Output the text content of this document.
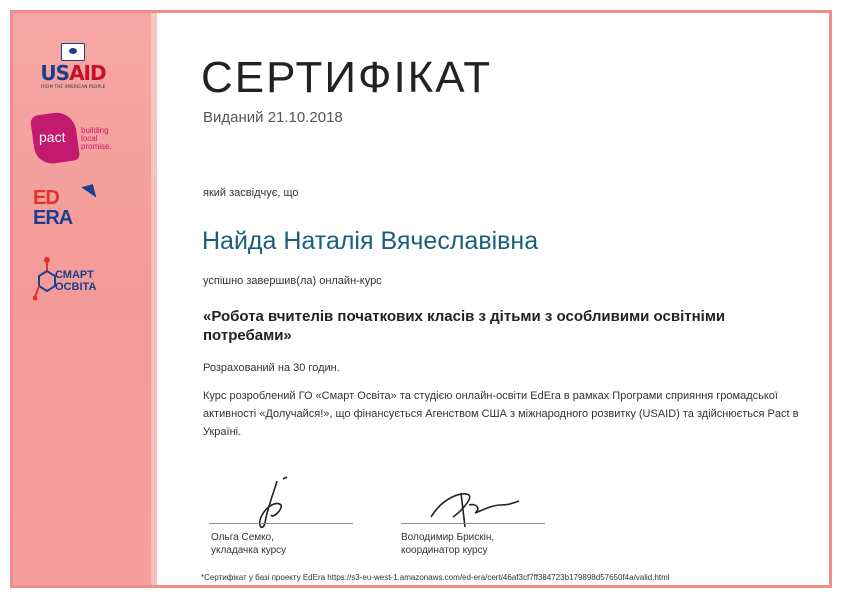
USAID
FROM THE AMERICAN PEOPLE
pact building
local
promise.
ED
ERA
СМАРТ
ОСВІТА
СЕРТИФІКАТ
Виданий 21.10.2018
який засвідчує, що
Найда Наталія Вячеславівна
успішно завершив(ла) онлайн-курс
«Робота вчителів початкових класів з дітьми з особливими освітніми потребами»
Розрахований на 30 годин.
Курс розроблений ГО «Смарт Освіта» та студією онлайн-освіти EdEra в рамках Програми сприяння громадської активності «Долучайся!», що фінансується Агенством США з міжнародного розвитку (USAID) та здійснюється Pact в Україні.
Ольга Семко,
укладачка курсу
Володимир Брискін,
координатор курсу
*Сертифікат у базі проекту EdEra https://s3-eu-west-1.amazonaws.com/ed-era/cert/46af3cf7ff384723b179898d57650f4a/valid.html
